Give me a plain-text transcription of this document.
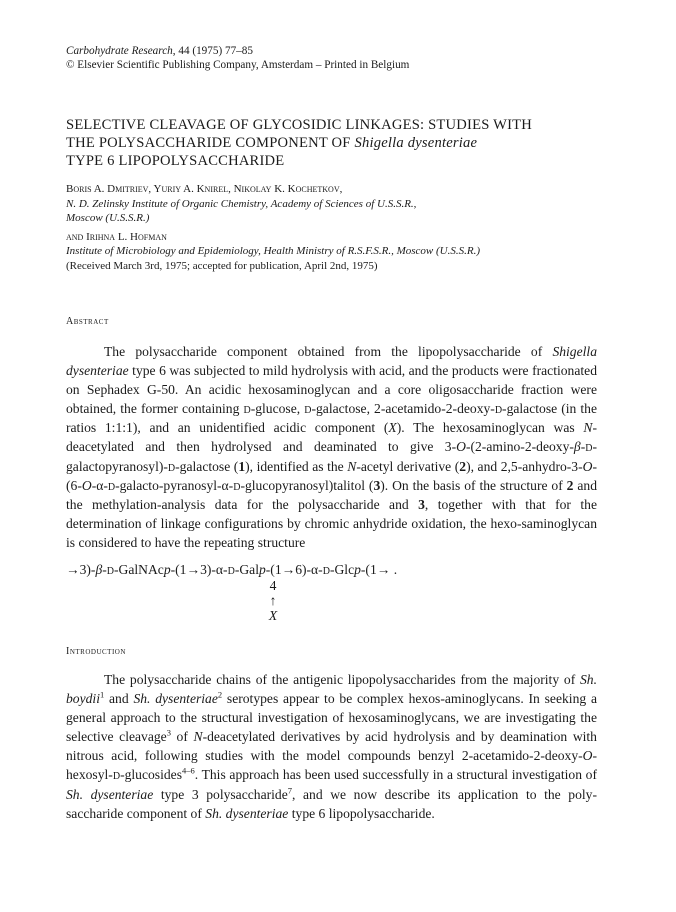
Carbohydrate Research, 44 (1975) 77–85
© Elsevier Scientific Publishing Company, Amsterdam – Printed in Belgium
SELECTIVE CLEAVAGE OF GLYCOSIDIC LINKAGES: STUDIES WITH
THE POLYSACCHARIDE COMPONENT OF Shigella dysenteriae
TYPE 6 LIPOPOLYSACCHARIDE
Boris A. Dmitriev, Yuriy A. Knirel, Nikolay K. Kochetkov,
N. D. Zelinsky Institute of Organic Chemistry, Academy of Sciences of U.S.S.R.,
Moscow (U.S.S.R.)
and Irihna L. Hofman
Institute of Microbiology and Epidemiology, Health Ministry of R.S.F.S.R., Moscow (U.S.S.R.)
(Received March 3rd, 1975; accepted for publication, April 2nd, 1975)
Abstract

The polysaccharide component obtained from the lipopolysaccharide of Shigella dysenteriae type 6 was subjected to mild hydrolysis with acid, and the products were fractionated on Sephadex G-50. An acidic hexosaminoglycan and a core oligosaccharide fraction were obtained, the former containing d-glucose, d-galactose, 2-acetamido-2-deoxy-d-galactose (in the ratios 1:1:1), and an unidentified acidic component (X). The hexosaminoglycan was N-deacetylated and then hydrolysed and deaminated to give 3-O-(2-amino-2-deoxy-β-d-galactopyranosyl)-d-galactose (1), identified as the N-acetyl derivative (2), and 2,5-anhydro-3-O-(6-O-α-d-galacto-pyranosyl-α-d-glucopyranosyl)talitol (3). On the basis of the structure of 2 and the methylation-analysis data for the polysaccharide and 3, together with that for the determination of linkage configurations by chromic anhydride oxidation, the hexo-saminoglycan is considered to have the repeating structure

→3)-β-d-GalNAcp-(1→3)-α-d-Galp-(1→6)-α-d-Glcp-(1→ .
4
↑
X
Introduction

The polysaccharide chains of the antigenic lipopolysaccharides from the majority of Sh. boydii$^1$ and Sh. dysenteriae$^2$ serotypes appear to be complex hexos-aminoglycans. In seeking a general approach to the structural investigation of hexosaminoglycans, we are investigating the selective cleavage$^3$ of N-deacetylated derivatives by acid hydrolysis and by deamination with nitrous acid, following studies with the model compounds benzyl 2-acetamido-2-deoxy-O-hexosyl-d-glucosides$^{4-6}$. This approach has been used successfully in a structural investigation of Sh. dysenteriae type 3 polysaccharide$^7$, and we now describe its application to the poly-saccharide component of Sh. dysenteriae type 6 lipopolysaccharide.
